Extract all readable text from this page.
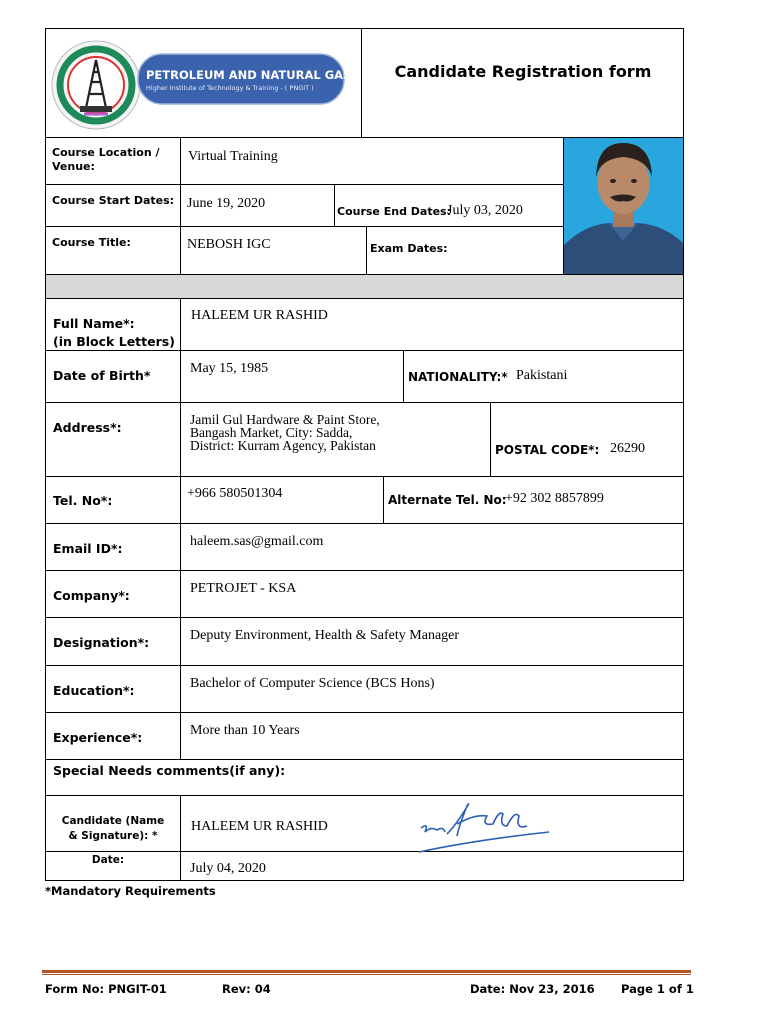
PETROLEUM AND NATURAL GAS
Higher Institute of Technology & Training - ( PNGIT )
Candidate Registration form
Course Location / Venue:
Virtual Training
Course Start Dates: June 19, 2020
Course End Dates:
July 03, 2020
Course Title:	NEBOSH IGC	Exam Dates:
Full Name*:
(in Block Letters)
HALEEM UR RASHID
Date of Birth*	May 15, 1985
NATIONALITY:* Pakistani
Address*:
Jamil Gul Hardware & Paint Store,
Bangash Market, City: Sadda,
District: Kurram Agency, Pakistan	POSTAL CODE*: 26290
Tel. No*:	+966 580501304	Alternate Tel. No:
+92 302 8857899
Email ID*:	haleem.sas@gmail.com
Company*:	PETROJET - KSA
Designation*:	Deputy Environment, Health & Safety Manager
Education*:	Bachelor of Computer Science (BCS Hons)
Experience*:	More than 10 Years
Special Needs comments(if any):
Candidate (Name
& Signature): *
HALEEM UR RASHID
Date:
July 04, 2020
*Mandatory Requirements
Form No: PNGIT-01	Rev: 04	Date: Nov 23, 2016 Page 1 of 1
